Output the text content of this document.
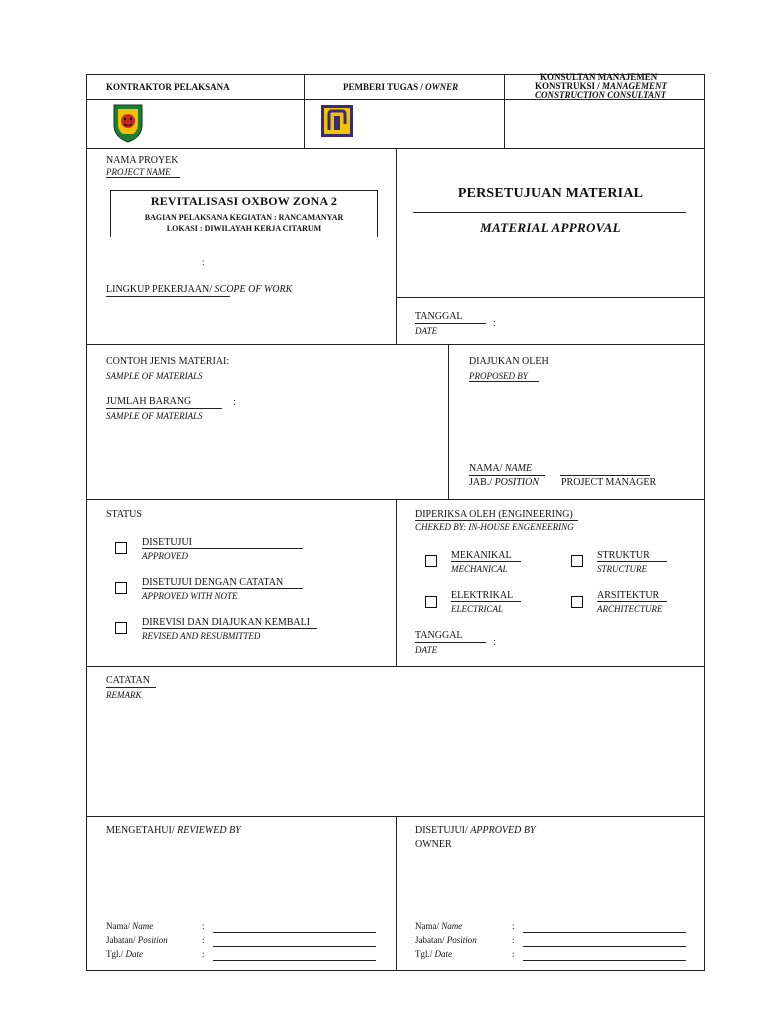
KONTRAKTOR PELAKSANA	PEMBERI TUGAS / OWNER
KONSULTAN MANAJEMEN
KONSTRUKSI / MANAGEMENT
CONSTRUCTION CONSULTANT
NAMA PROYEK
PROJECT NAME
REVITALISASI OXBOW ZONA 2
BAGIAN PELAKSANA KEGIATAN : RANCAMANYAR
LOKASI : DIWILAYAH KERJA CITARUM
:
LINGKUP PEKERJAAN/ SCOPE OF WORK
PERSETUJUAN MATERIAL
MATERIAL APPROVAL
TANGGAL
:
DATE
CONTOH JENIS MATERIAI:
SAMPLE OF MATERIALS
JUMLAH BARANG	:
SAMPLE OF MATERIALS
DIAJUKAN OLEH
PROPOSED BY
NAMA/ NAME
JAB./ POSITION PROJECT MANAGER
STATUS
DISETUJUI
APPROVED
DISETUJUI DENGAN CATATAN
APPROVED WITH NOTE
DIREVISI DAN DIAJUKAN KEMBALI
REVISED AND RESUBMITTED
DIPERIKSA OLEH (ENGINEERING)
CHEKED BY: IN-HOUSE ENGENEERING
MEKANIKAL
MECHANICAL
STRUKTUR
STRUCTURE
ELEKTRIKAL
ELECTRICAL
ARSITEKTUR
ARCHITECTURE
TANGGAL
:
DATE
CATATAN
REMARK
MENGETAHUI/ REVIEWED BY
Nama/ Name	:
Jabatan/ Position	:
Tgl./ Date	:
DISETUJUI/ APPROVED BY
OWNER
Nama/ Name	:
Jabatan/ Position	:
Tgl./ Date	:
